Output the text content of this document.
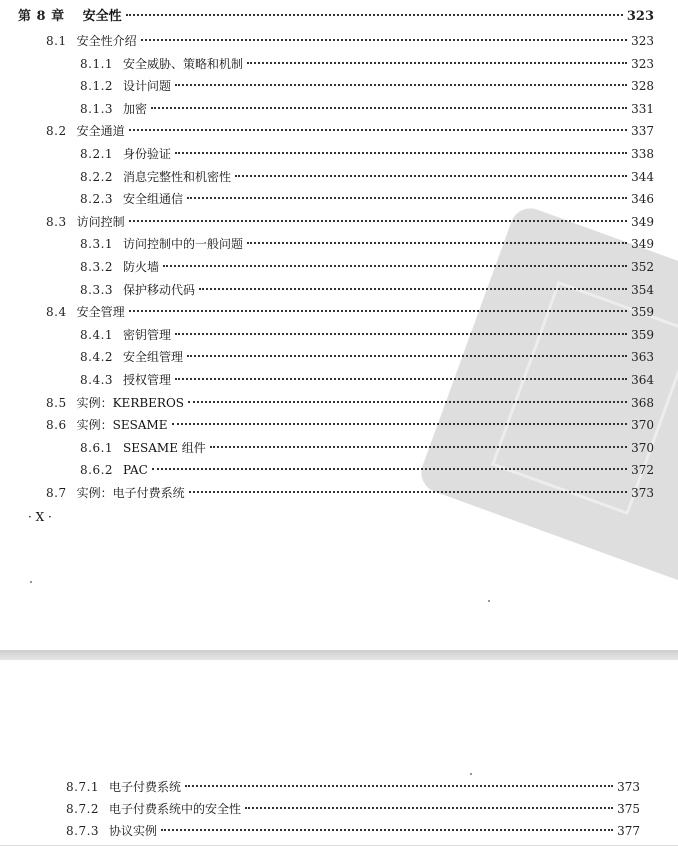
第 8 章 安全性	323
8.1 安全性介绍	323
8.1.1 安全威胁、策略和机制	323
8.1.2 设计问题	328
8.1.3 加密	331
8.2 安全通道	337
8.2.1 身份验证	338
8.2.2 消息完整性和机密性	344
8.2.3 安全组通信	346
8.3 访问控制	349
8.3.1 访问控制中的一般问题	349
8.3.2 防火墙	352
8.3.3 保护移动代码	354
8.4 安全管理	359
8.4.1 密钥管理	359
8.4.2 安全组管理	363
8.4.3 授权管理	364
8.5 实例：KERBEROS	368
8.6 实例：SESAME	370
8.6.1 SESAME 组件	370
8.6.2 PAC	372
8.7 实例：电子付费系统	373
· Ⅹ ·
8.7.1 电子付费系统	373
8.7.2 电子付费系统中的安全性	375
8.7.3 协议实例	377
